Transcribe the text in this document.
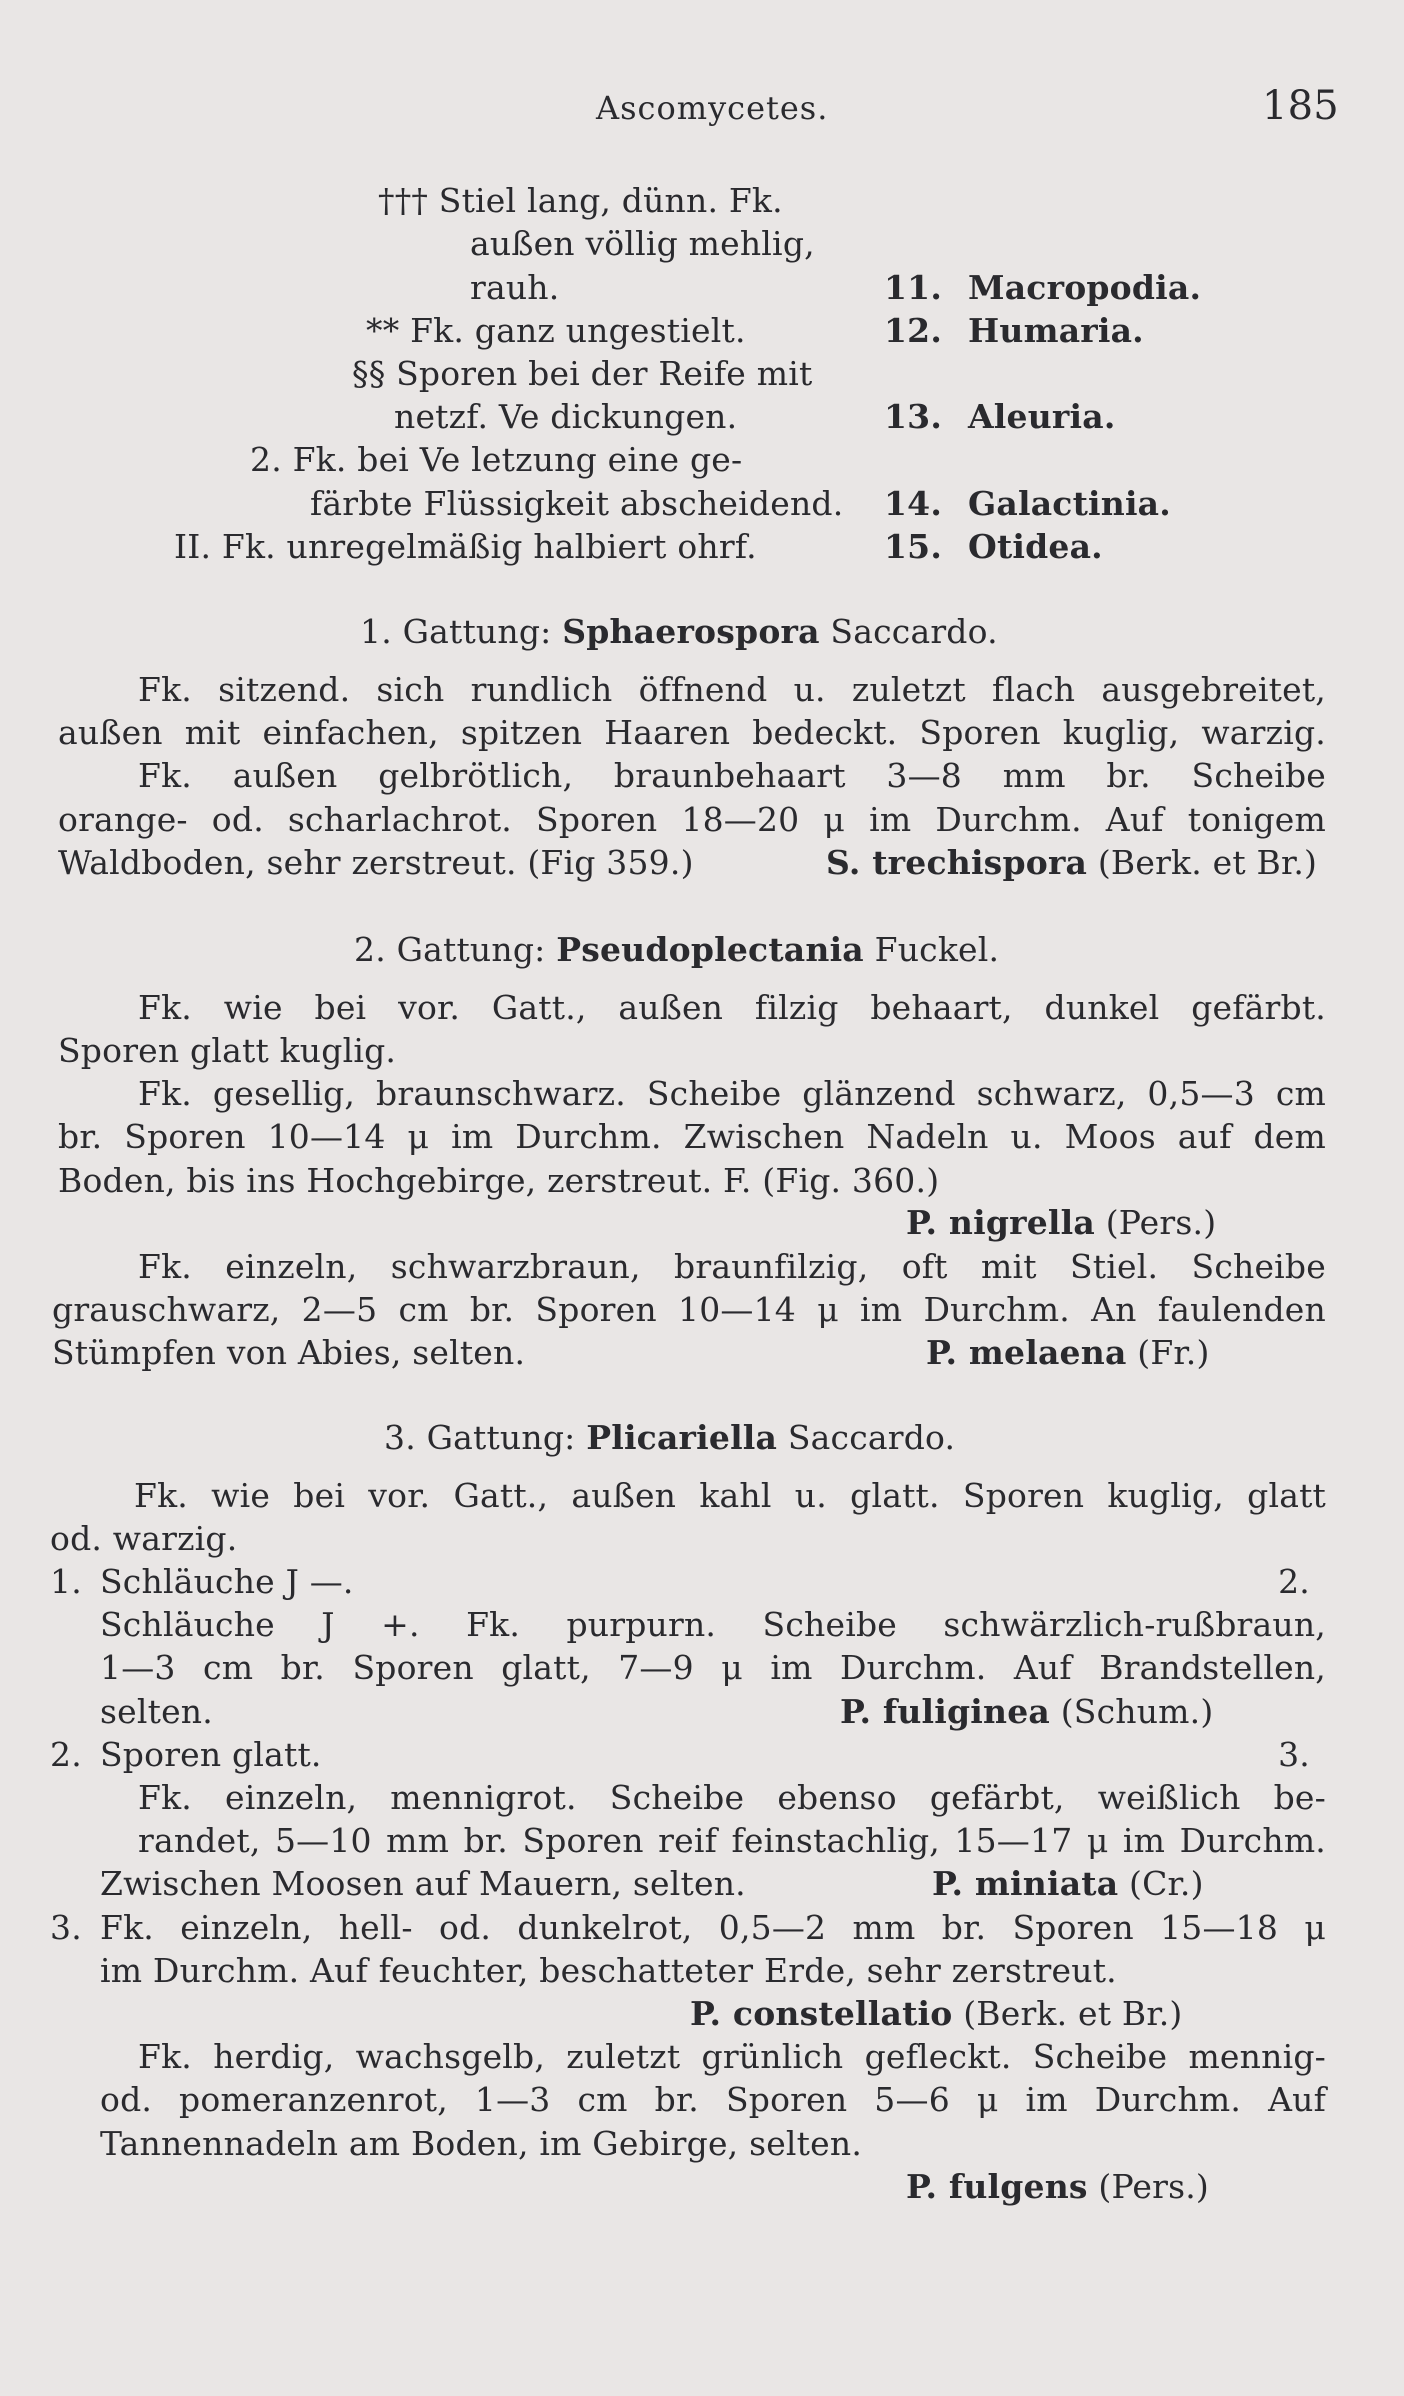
Ascomycetes.	185
††† Stiel lang, dünn. Fk.
außen völlig mehlig,
rauh.	11. Macropodia.
** Fk. ganz ungestielt.	12. Humaria.
§§ Sporen bei der Reife mit
netzf. Ve dickungen.	13. Aleuria.
2. Fk. bei Ve letzung eine ge-
färbte Flüssigkeit abscheidend. 14. Galactinia.
II. Fk. unregelmäßig halbiert ohrf.	15. Otidea.
1. Gattung: Sphaerospora Saccardo.
Fk. sitzend. sich rundlich öffnend u. zuletzt flach ausgebreitet,
außen mit einfachen, spitzen Haaren bedeckt. Sporen kuglig, warzig.
Fk. außen gelbrötlich, braunbehaart 3—8 mm br. Scheibe
orange- od. scharlachrot. Sporen 18—20 μ im Durchm. Auf tonigem
Waldboden, sehr zerstreut. (Fig 359.)	S. trechispora (Berk. et Br.)
2. Gattung: Pseudoplectania Fuckel.
Fk. wie bei vor. Gatt., außen filzig behaart, dunkel gefärbt.
Sporen glatt kuglig.
Fk. gesellig, braunschwarz. Scheibe glänzend schwarz, 0,5—3 cm
br. Sporen 10—14 μ im Durchm. Zwischen Nadeln u. Moos auf dem
Boden, bis ins Hochgebirge, zerstreut. F. (Fig. 360.)
P. nigrella (Pers.)
Fk. einzeln, schwarzbraun, braunfilzig, oft mit Stiel. Scheibe
grauschwarz, 2—5 cm br. Sporen 10—14 μ im Durchm. An faulenden
Stümpfen von Abies, selten.	P. melaena (Fr.)
3. Gattung: Plicariella Saccardo.
Fk. wie bei vor. Gatt., außen kahl u. glatt. Sporen kuglig, glatt
od. warzig.
1. Schläuche J —.	2.
Schläuche J +. Fk. purpurn. Scheibe schwärzlich-rußbraun,
1—3 cm br. Sporen glatt, 7—9 μ im Durchm. Auf Brandstellen,
selten.	P. fuliginea (Schum.)
2. Sporen glatt.	3.
Fk. einzeln, mennigrot. Scheibe ebenso gefärbt, weißlich be-
randet, 5—10 mm br. Sporen reif feinstachlig, 15—17 μ im Durchm.
Zwischen Moosen auf Mauern, selten.	P. miniata (Cr.)
3. Fk. einzeln, hell- od. dunkelrot, 0,5—2 mm br. Sporen 15—18 μ
im Durchm. Auf feuchter, beschatteter Erde, sehr zerstreut.
P. constellatio (Berk. et Br.)
Fk. herdig, wachsgelb, zuletzt grünlich gefleckt. Scheibe mennig-
od. pomeranzenrot, 1—3 cm br. Sporen 5—6 μ im Durchm. Auf
Tannennadeln am Boden, im Gebirge, selten.
P. fulgens (Pers.)
